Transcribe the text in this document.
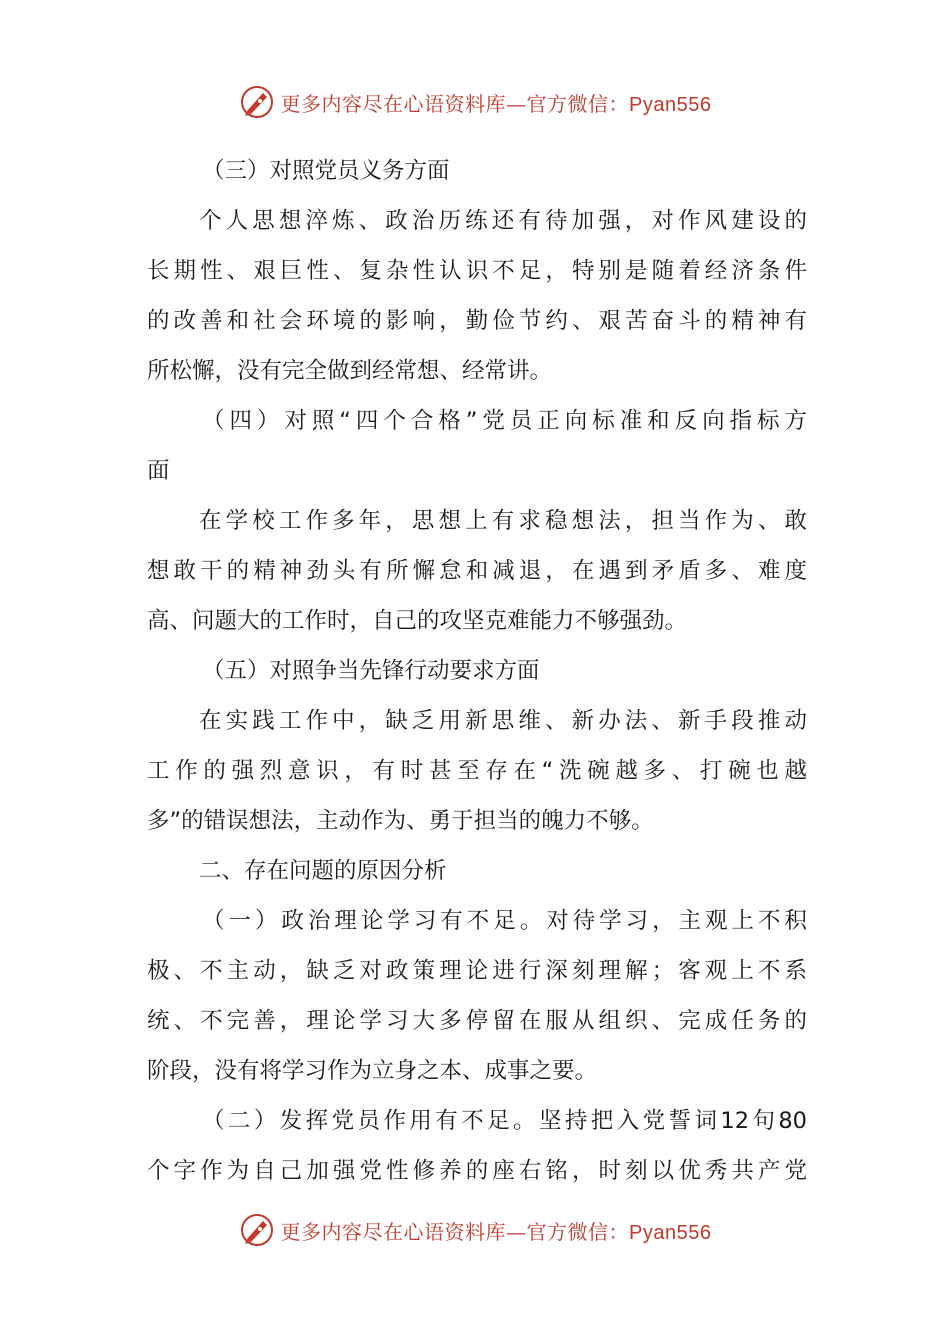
更多内容尽在心语资料库—官方微信：Pyan556
（三）对照党员义务方面
个人思想淬炼、政治历练还有待加强，对作风建设的
长期性、艰巨性、复杂性认识不足，特别是随着经济条件
的改善和社会环境的影响，勤俭节约、艰苦奋斗的精神有
所松懈，没有完全做到经常想、经常讲。
（四）对照“四个合格”党员正向标准和反向指标方
面
在学校工作多年，思想上有求稳想法，担当作为、敢
想敢干的精神劲头有所懈怠和减退，在遇到矛盾多、难度
高、问题大的工作时，自己的攻坚克难能力不够强劲。
（五）对照争当先锋行动要求方面
在实践工作中，缺乏用新思维、新办法、新手段推动
工作的强烈意识，有时甚至存在“洗碗越多、打碗也越
多”的错误想法，主动作为、勇于担当的魄力不够。
二、存在问题的原因分析
（一）政治理论学习有不足。对待学习，主观上不积
极、不主动，缺乏对政策理论进行深刻理解；客观上不系
统、不完善，理论学习大多停留在服从组织、完成任务的
阶段，没有将学习作为立身之本、成事之要。
（二）发挥党员作用有不足。坚持把入党誓词12句80
个字作为自己加强党性修养的座右铭，时刻以优秀共产党
更多内容尽在心语资料库—官方微信：Pyan556
